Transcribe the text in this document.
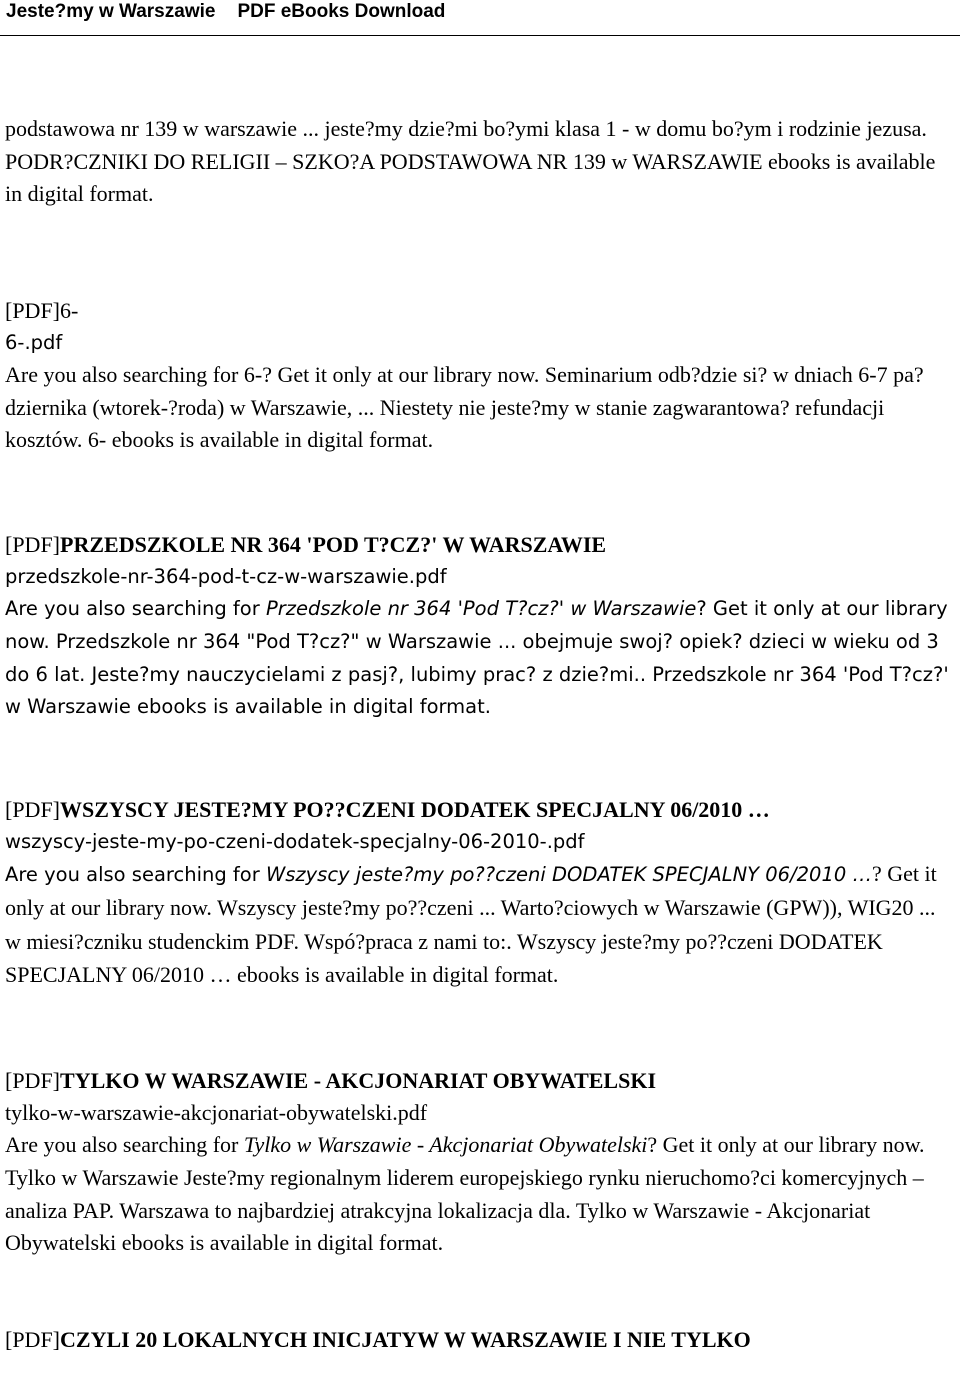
Jeste?my w Warszawie PDF eBooks Download

podstawowa nr 139 w warszawie ... jeste?my dzie?mi bo?ymi klasa 1 - w domu bo?ym i rodzinie jezusa. PODR?CZNIKI DO RELIGII – SZKO?A PODSTAWOWA NR 139 w WARSZAWIE ebooks is available in digital format.

[PDF]6-

6-.pdf

Are you also searching for 6-? Get it only at our library now. Seminarium odb?dzie si? w dniach 6-7 pa?dziernika (wtorek-?roda) w Warszawie, ... Niestety nie jeste?my w stanie zagwarantowa? refundacji kosztów. 6- ebooks is available in digital format.

[PDF]PRZEDSZKOLE NR 364 'POD T?CZ?' W WARSZAWIE

przedszkole-nr-364-pod-t-cz-w-warszawie.pdf

Are you also searching for Przedszkole nr 364 'Pod T?cz?' w Warszawie? Get it only at our library now. Przedszkole nr 364 "Pod T?cz?" w Warszawie ... obejmuje swoj? opiek? dzieci w wieku od 3 do 6 lat. Jeste?my nauczycielami z pasj?, lubimy prac? z dzie?mi.. Przedszkole nr 364 'Pod T?cz?' w Warszawie ebooks is available in digital format.

[PDF]WSZYSCY JESTE?MY PO??CZENI DODATEK SPECJALNY 06/2010 …

wszyscy-jeste-my-po-czeni-dodatek-specjalny-06-2010-.pdf

Are you also searching for Wszyscy jeste?my po??czeni DODATEK SPECJALNY 06/2010 …? Get it only at our library now. Wszyscy jeste?my po??czeni ... Warto?ciowych w Warszawie (GPW)), WIG20 ... w miesi?czniku studenckim PDF. Wspó?praca z nami to:. Wszyscy jeste?my po??czeni DODATEK SPECJALNY 06/2010 … ebooks is available in digital format.

[PDF]TYLKO W WARSZAWIE - AKCJONARIAT OBYWATELSKI

tylko-w-warszawie-akcjonariat-obywatelski.pdf

Are you also searching for Tylko w Warszawie - Akcjonariat Obywatelski? Get it only at our library now. Tylko w Warszawie Jeste?my regionalnym liderem europejskiego rynku nieruchomo?ci komercyjnych – analiza PAP. Warszawa to najbardziej atrakcyjna lokalizacja dla. Tylko w Warszawie - Akcjonariat Obywatelski ebooks is available in digital format.

[PDF]CZYLI 20 LOKALNYCH INICJATYW W WARSZAWIE I NIE TYLKO
